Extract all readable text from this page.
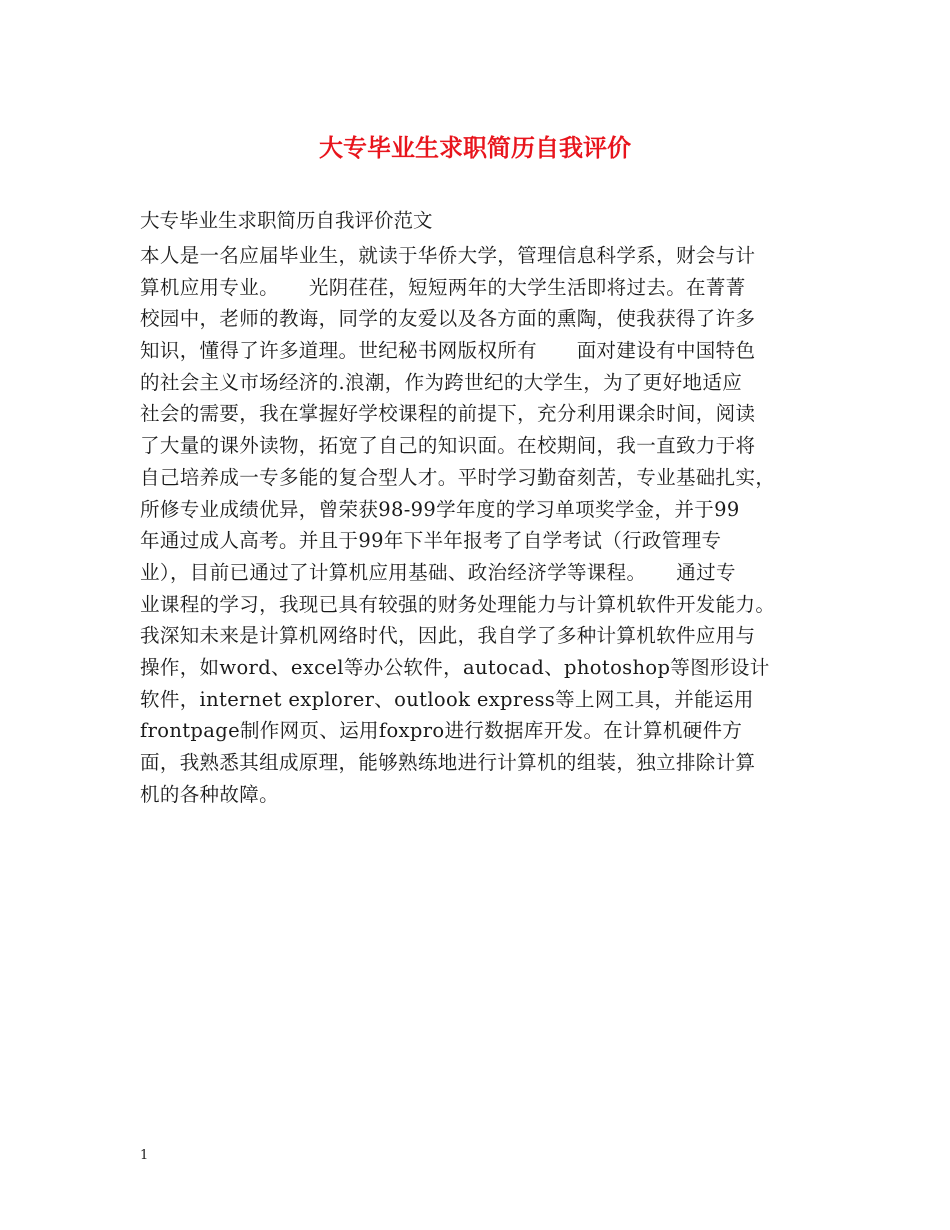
大专毕业生求职简历自我评价

大专毕业生求职简历自我评价范文

本人是一名应届毕业生，就读于华侨大学，管理信息科学系，财会与计
算机应用专业。　　光阴荏荏，短短两年的大学生活即将过去。在菁菁
校园中，老师的教诲，同学的友爱以及各方面的熏陶，使我获得了许多
知识，懂得了许多道理。世纪秘书网版权所有　　面对建设有中国特色
的社会主义市场经济的.浪潮，作为跨世纪的大学生，为了更好地适应
社会的需要，我在掌握好学校课程的前提下，充分利用课余时间，阅读
了大量的课外读物，拓宽了自己的知识面。在校期间，我一直致力于将
自己培养成一专多能的复合型人才。平时学习勤奋刻苦，专业基础扎实，
所修专业成绩优异，曾荣获98-99学年度的学习单项奖学金，并于99
年通过成人高考。并且于99年下半年报考了自学考试（行政管理专
业），目前已通过了计算机应用基础、政治经济学等课程。　　通过专
业课程的学习，我现已具有较强的财务处理能力与计算机软件开发能力。
我深知未来是计算机网络时代，因此，我自学了多种计算机软件应用与
操作，如word、excel等办公软件，autocad、photoshop等图形设计
软件，internet explorer、outlook express等上网工具，并能运用
frontpage制作网页、运用foxpro进行数据库开发。在计算机硬件方
面，我熟悉其组成原理，能够熟练地进行计算机的组装，独立排除计算
机的各种故障。

1
